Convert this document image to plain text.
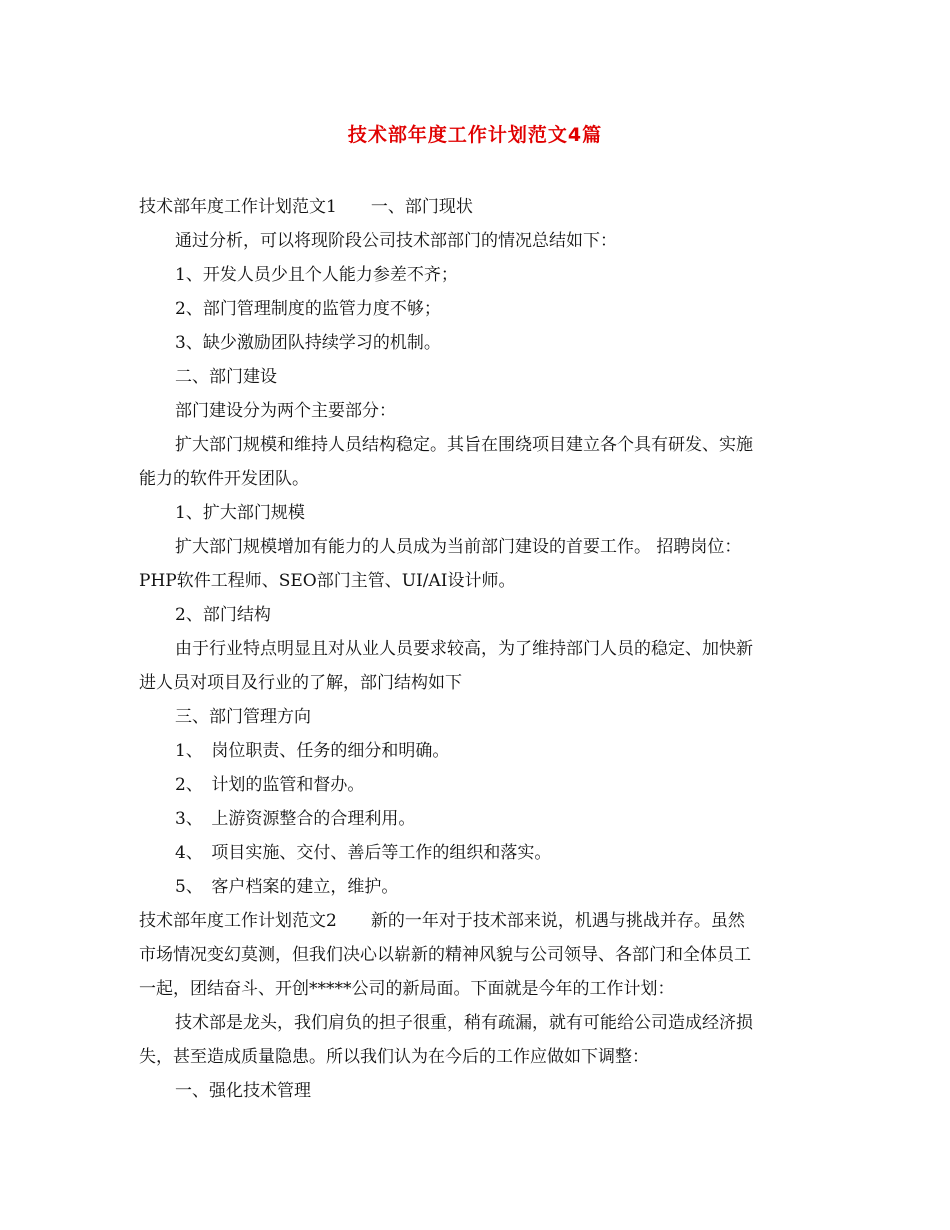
技术部年度工作计划范文4篇
技术部年度工作计划范文1　　一、部门现状
通过分析，可以将现阶段公司技术部部门的情况总结如下：
1、开发人员少且个人能力参差不齐；
2、部门管理制度的监管力度不够；
3、缺少激励团队持续学习的机制。
二、部门建设
部门建设分为两个主要部分：
扩大部门规模和维持人员结构稳定。其旨在围绕项目建立各个具有研发、实施
能力的软件开发团队。
1、扩大部门规模
扩大部门规模增加有能力的人员成为当前部门建设的首要工作。 招聘岗位：
PHP软件工程师、SEO部门主管、UI/AI设计师。
2、部门结构
由于行业特点明显且对从业人员要求较高，为了维持部门人员的稳定、加快新
进人员对项目及行业的了解，部门结构如下
三、部门管理方向
1、　岗位职责、任务的细分和明确。
2、　计划的监管和督办。
3、　上游资源整合的合理利用。
4、　项目实施、交付、善后等工作的组织和落实。
5、　客户档案的建立，维护。
技术部年度工作计划范文2　　新的一年对于技术部来说，机遇与挑战并存。虽然
市场情况变幻莫测，但我们决心以崭新的精神风貌与公司领导、各部门和全体员工
一起，团结奋斗、开创*****公司的新局面。下面就是今年的工作计划：
技术部是龙头，我们肩负的担子很重，稍有疏漏，就有可能给公司造成经济损
失，甚至造成质量隐患。所以我们认为在今后的工作应做如下调整：
一、强化技术管理
